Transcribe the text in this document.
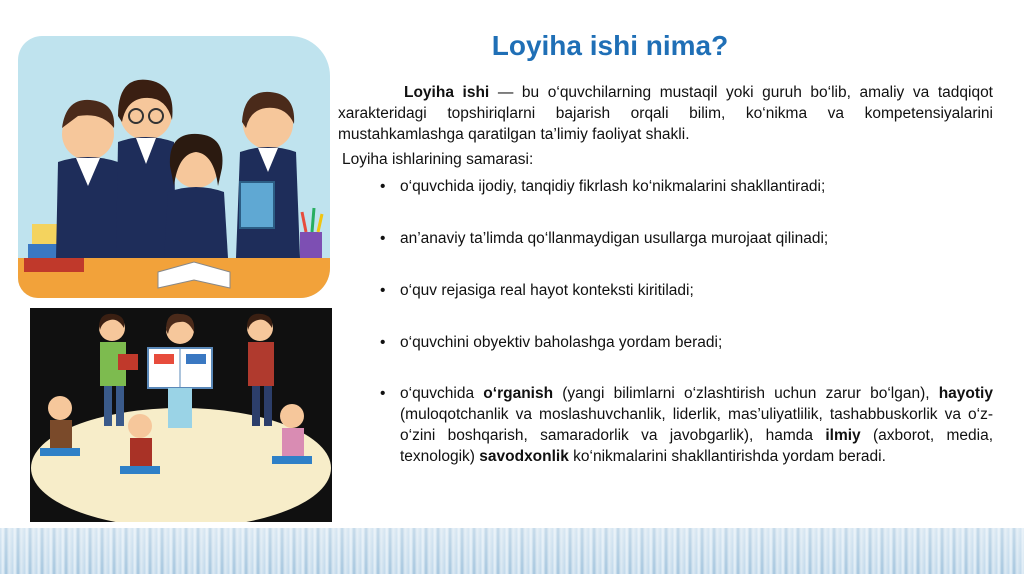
Loyiha ishi nima?

Loyiha ishi — bu o‘quvchilarning mustaqil yoki guruh bo‘lib, amaliy va tadqiqot xarakteridagi topshiriqlarni bajarish orqali bilim, ko‘nikma va kompetensiyalarini mustahkamlashga qaratilgan ta’limiy faoliyat shakli.

Loyiha ishlarining samarasi:
• o‘quvchida ijodiy, tanqidiy fikrlash ko‘nikmalarini shakllantiradi;
• an’anaviy ta’limda qo‘llanmaydigan usullarga murojaat qilinadi;
• o‘quv rejasiga real hayot konteksti kiritiladi;
• o‘quvchini obyektiv baholashga yordam beradi;
• o‘quvchida o‘rganish (yangi bilimlarni o‘zlashtirish uchun zarur bo‘lgan), hayotiy (muloqotchanlik va moslashuvchanlik, liderlik, mas’uliyatlilik, tashabbuskorlik va o‘z-o‘zini boshqarish, samaradorlik va javobgarlik), hamda ilmiy (axborot, media, texnologik) savodxonlik ko‘nikmalarini shakllantirishda yordam beradi.
